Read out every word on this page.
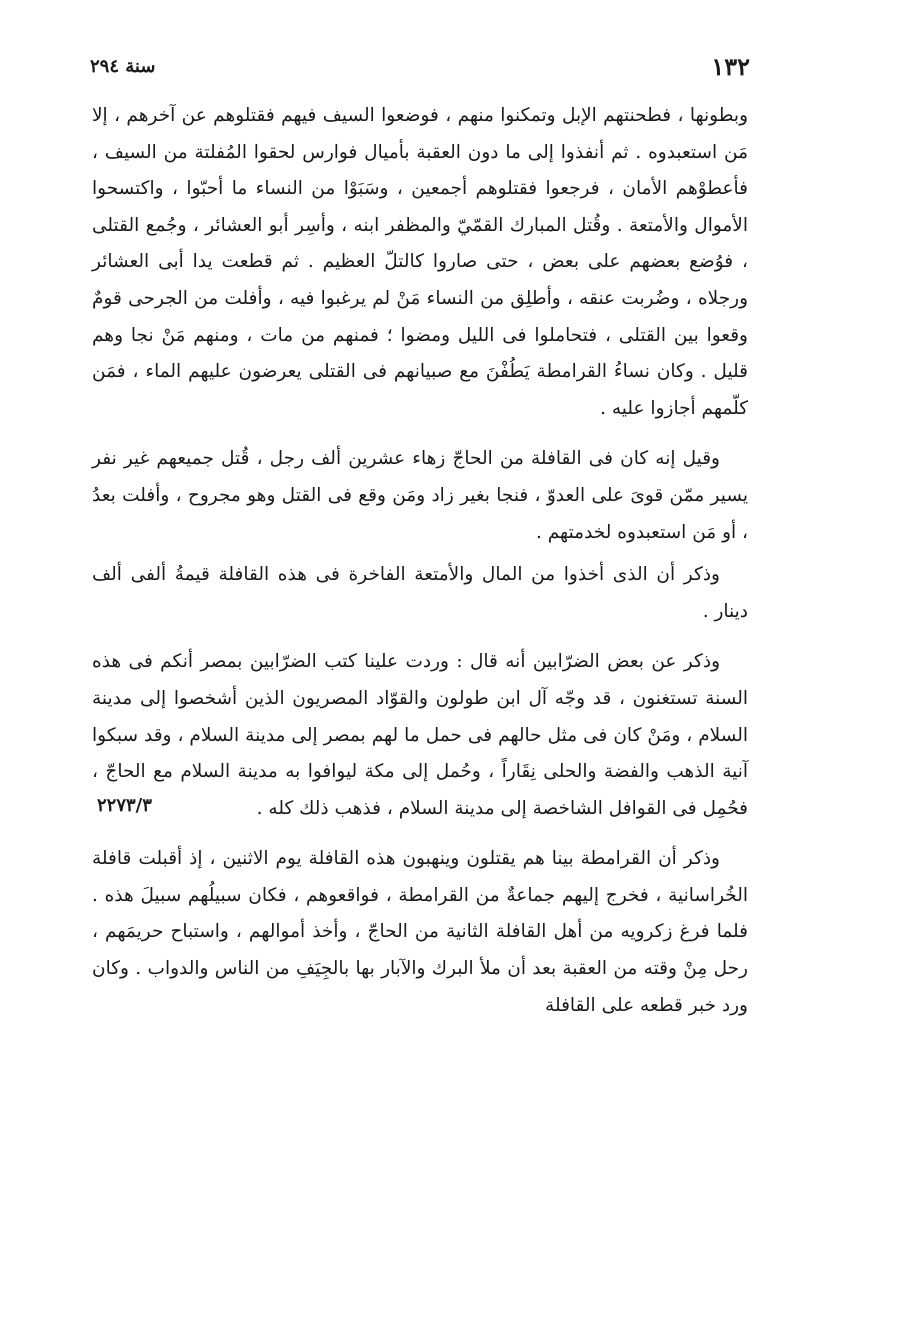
١٣٢
سنة ٢٩٤
٢٢٧٣/٣

وبطونها ، فطحنتهم الإبل وتمكنوا منهم ، فوضعوا السيف فيهم فقتلوهم عن آخرهم ، إلا مَن استعبدوه . ثم أنفذوا إلى ما دون العقبة بأميال فوارس لحقوا المُفلتة من السيف ، فأعطوْهم الأمان ، فرجعوا فقتلوهم أجمعين ، وسَبَوْا من النساء ما أحبّوا ، واكتسحوا الأموال والأمتعة . وقُتل المبارك القمّيّ والمظفر ابنه ، وأسِر أبو العشائر ، وجُمع القتلى ، فوُضع بعضهم على بعض ، حتى صاروا كالتلّ العظيم . ثم قطعت يدا أبى العشائر ورجلاه ، وضُربت عنقه ، وأطلِق من النساء مَنْ لم يرغبوا فيه ، وأفلت من الجرحى قومٌ وقعوا بين القتلى ، فتحاملوا فى الليل ومضوا ؛ فمنهم من مات ، ومنهم مَنْ نجا وهم قليل . وكان نساءُ القرامطة يَطُفْنَ مع صبيانهم فى القتلى يعرضون عليهم الماء ، فمَن كلّمهم أجازوا عليه .

وقيل إنه كان فى القافلة من الحاجّ زهاء عشرين ألف رجل ، قُتل جميعهم غير نفر يسير ممّن قوىَ على العدوّ ، فنجا بغير زاد ومَن وقع فى القتل وهو مجروح ، وأفلت بعدُ ، أو مَن استعبدوه لخدمتهم .

وذكر أن الذى أخذوا من المال والأمتعة الفاخرة فى هذه القافلة قيمةُ ألفى ألف دينار .

وذكر عن بعض الضرّابين أنه قال : وردت علينا كتب الضرّابين بمصر أنكم فى هذه السنة تستغنون ، قد وجّه آل ابن طولون والقوّاد المصريون الذين أشخصوا إلى مدينة السلام ، ومَنْ كان فى مثل حالهم فى حمل ما لهم بمصر إلى مدينة السلام ، وقد سبكوا آنية الذهب والفضة والحلى نِقَاراً ، وحُمل إلى مكة ليوافوا به مدينة السلام مع الحاجّ ، فحُمِل فى القوافل الشاخصة إلى مدينة السلام ، فذهب ذلك كله .

وذكر أن القرامطة بينا هم يقتلون وينهبون هذه القافلة يوم الاثنين ، إذ أقبلت قافلة الخُراسانية ، فخرج إليهم جماعةٌ من القرامطة ، فواقعوهم ، فكان سبيلُهم سبيلَ هذه . فلما فرغ زكرويه من أهل القافلة الثانية من الحاجّ ، وأخذ أموالهم ، واستباح حريمَهم ، رحل مِنْ وقته من العقبة بعد أن ملأ البرك والآبار بها بالجِيَفِ من الناس والدواب . وكان ورد خبر قطعه على القافلة
